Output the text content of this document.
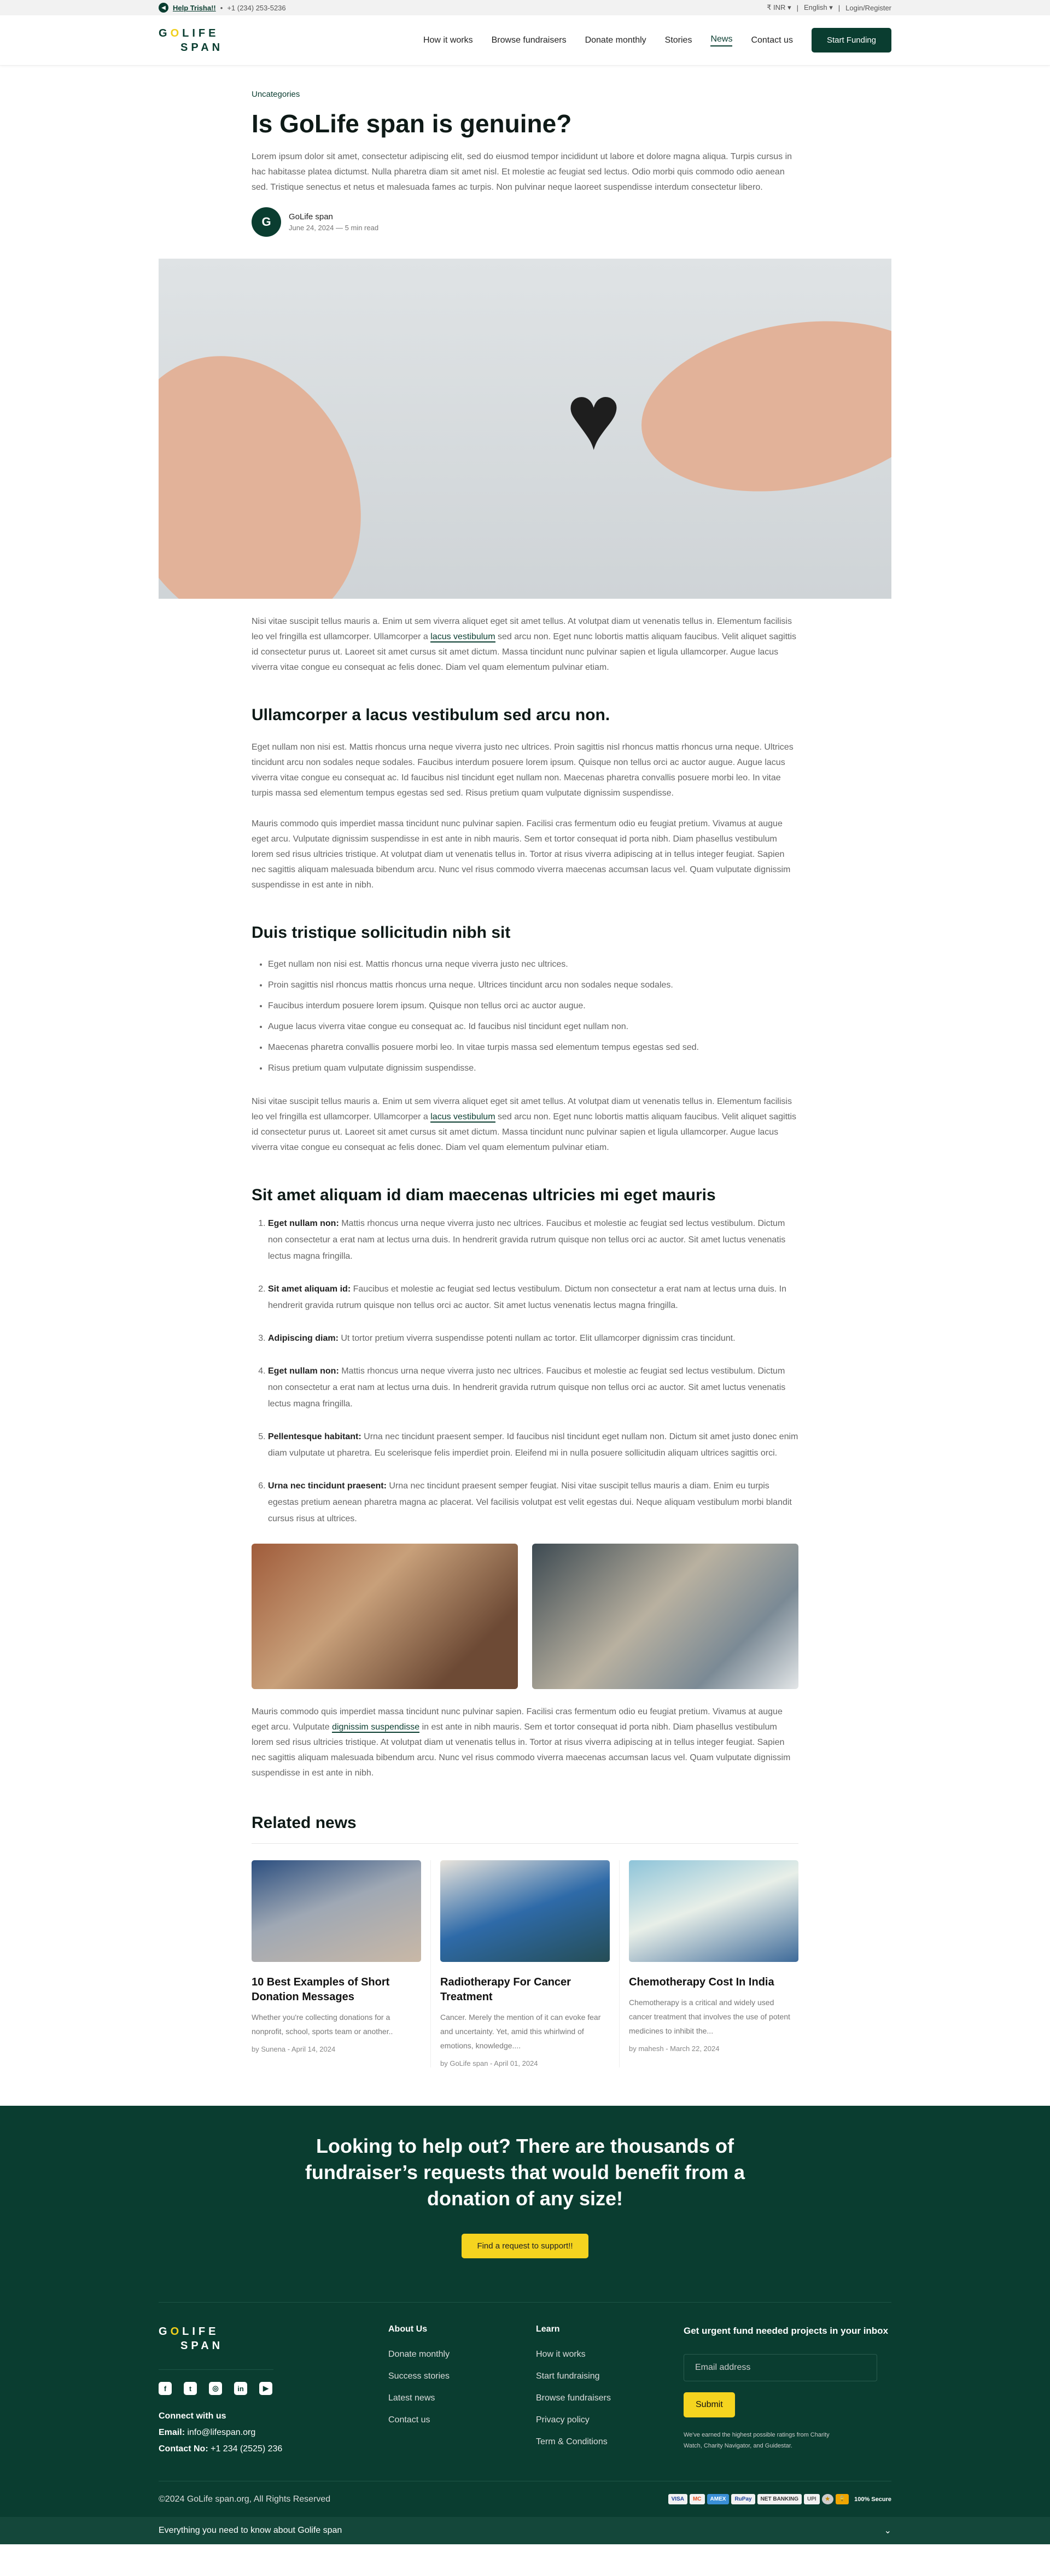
◀	Help Trisha!! • +1 (234) 253-5236	₹ INR ▾ | English ▾ | Login/Register
GOLIFE
SPAN
How it works Browse fundraisers Donate monthly Stories News Contact us	Start Funding
Uncategories
Is GoLife span is genuine?

Lorem ipsum dolor sit amet, consectetur adipiscing elit, sed do eiusmod tempor incididunt ut labore et dolore magna aliqua. Turpis cursus in hac habitasse platea dictumst. Nulla pharetra diam sit amet nisl. Et molestie ac feugiat sed lectus. Odio morbi quis commodo odio aenean sed. Tristique senectus et netus et malesuada fames ac turpis. Non pulvinar neque laoreet suspendisse interdum consectetur libero.

G	GoLife span
June 24, 2024 — 5 min read
♥

Nisi vitae suscipit tellus mauris a. Enim ut sem viverra aliquet eget sit amet tellus. At volutpat diam ut venenatis tellus in. Elementum facilisis leo vel fringilla est ullamcorper. Ullamcorper a lacus vestibulum sed arcu non. Eget nunc lobortis mattis aliquam faucibus. Velit aliquet sagittis id consectetur purus ut. Laoreet sit amet cursus sit amet dictum. Massa tincidunt nunc pulvinar sapien et ligula ullamcorper. Augue lacus viverra vitae congue eu consequat ac felis donec. Diam vel quam elementum pulvinar etiam.

Ullamcorper a lacus vestibulum sed arcu non.

Eget nullam non nisi est. Mattis rhoncus urna neque viverra justo nec ultrices. Proin sagittis nisl rhoncus mattis rhoncus urna neque. Ultrices tincidunt arcu non sodales neque sodales. Faucibus interdum posuere lorem ipsum. Quisque non tellus orci ac auctor augue. Augue lacus viverra vitae congue eu consequat ac. Id faucibus nisl tincidunt eget nullam non. Maecenas pharetra convallis posuere morbi leo. In vitae turpis massa sed elementum tempus egestas sed sed. Risus pretium quam vulputate dignissim suspendisse.

Mauris commodo quis imperdiet massa tincidunt nunc pulvinar sapien. Facilisi cras fermentum odio eu feugiat pretium. Vivamus at augue eget arcu. Vulputate dignissim suspendisse in est ante in nibh mauris. Sem et tortor consequat id porta nibh. Diam phasellus vestibulum lorem sed risus ultricies tristique. At volutpat diam ut venenatis tellus in. Tortor at risus viverra adipiscing at in tellus integer feugiat. Sapien nec sagittis aliquam malesuada bibendum arcu. Nunc vel risus commodo viverra maecenas accumsan lacus vel. Quam vulputate dignissim suspendisse in est ante in nibh.

Duis tristique sollicitudin nibh sit
• Eget nullam non nisi est. Mattis rhoncus urna neque viverra justo nec ultrices.
• Proin sagittis nisl rhoncus mattis rhoncus urna neque. Ultrices tincidunt arcu non sodales neque sodales.
• Faucibus interdum posuere lorem ipsum. Quisque non tellus orci ac auctor augue.
• Augue lacus viverra vitae congue eu consequat ac. Id faucibus nisl tincidunt eget nullam non.
• Maecenas pharetra convallis posuere morbi leo. In vitae turpis massa sed elementum tempus egestas sed sed.
• Risus pretium quam vulputate dignissim suspendisse.

Nisi vitae suscipit tellus mauris a. Enim ut sem viverra aliquet eget sit amet tellus. At volutpat diam ut venenatis tellus in. Elementum facilisis leo vel fringilla est ullamcorper. Ullamcorper a lacus vestibulum sed arcu non. Eget nunc lobortis mattis aliquam faucibus. Velit aliquet sagittis id consectetur purus ut. Laoreet sit amet cursus sit amet dictum. Massa tincidunt nunc pulvinar sapien et ligula ullamcorper. Augue lacus viverra vitae congue eu consequat ac felis donec. Diam vel quam elementum pulvinar etiam.

Sit amet aliquam id diam maecenas ultricies mi eget mauris
1. Eget nullam non: Mattis rhoncus urna neque viverra justo nec ultrices. Faucibus et molestie ac feugiat sed lectus vestibulum. Dictum non consectetur a erat nam at lectus urna duis. In hendrerit gravida rutrum quisque non tellus orci ac auctor. Sit amet luctus venenatis lectus magna fringilla.
2. Sit amet aliquam id: Faucibus et molestie ac feugiat sed lectus vestibulum. Dictum non consectetur a erat nam at lectus urna duis. In hendrerit gravida rutrum quisque non tellus orci ac auctor. Sit amet luctus venenatis lectus magna fringilla.
3. Adipiscing diam: Ut tortor pretium viverra suspendisse potenti nullam ac tortor. Elit ullamcorper dignissim cras tincidunt.
4. Eget nullam non: Mattis rhoncus urna neque viverra justo nec ultrices. Faucibus et molestie ac feugiat sed lectus vestibulum. Dictum non consectetur a erat nam at lectus urna duis. In hendrerit gravida rutrum quisque non tellus orci ac auctor. Sit amet luctus venenatis lectus magna fringilla.
5. Pellentesque habitant: Urna nec tincidunt praesent semper. Id faucibus nisl tincidunt eget nullam non. Dictum sit amet justo donec enim diam vulputate ut pharetra. Eu scelerisque felis imperdiet proin. Eleifend mi in nulla posuere sollicitudin aliquam ultrices sagittis orci.
6. Urna nec tincidunt praesent: Urna nec tincidunt praesent semper feugiat. Nisi vitae suscipit tellus mauris a diam. Enim eu turpis egestas pretium aenean pharetra magna ac placerat. Vel facilisis volutpat est velit egestas dui. Neque aliquam vestibulum morbi blandit cursus risus at ultrices.

Mauris commodo quis imperdiet massa tincidunt nunc pulvinar sapien. Facilisi cras fermentum odio eu feugiat pretium. Vivamus at augue eget arcu. Vulputate dignissim suspendisse in est ante in nibh mauris. Sem et tortor consequat id porta nibh. Diam phasellus vestibulum lorem sed risus ultricies tristique. At volutpat diam ut venenatis tellus in. Tortor at risus viverra adipiscing at in tellus integer feugiat. Sapien nec sagittis aliquam malesuada bibendum arcu. Nunc vel risus commodo viverra maecenas accumsan lacus vel. Quam vulputate dignissim suspendisse in est ante in nibh.

Related news
10 Best Examples of Short Donation Messages
Whether you're collecting donations for a nonprofit, school, sports team or another..
by Sunena - April 14, 2024
Radiotherapy For Cancer Treatment
Cancer. Merely the mention of it can evoke fear and uncertainty. Yet, amid this whirlwind of emotions, knowledge....
by GoLife span - April 01, 2024
Chemotherapy Cost In India
Chemotherapy is a critical and widely used cancer treatment that involves the use of potent medicines to inhibit the...
by mahesh - March 22, 2024
Looking to help out? There are thousands of fundraiser’s requests that would benefit from a donation of any size!
Find a request to support!!
GOLIFE
SPAN
f	t	◎	in	▶
Connect with us
Email: info@lifespan.org
Contact No: +1 234 (2525) 236
About Us
Donate monthly
Success stories
Latest news
Contact us
Learn
How it works
Start fundraising
Browse fundraisers
Privacy policy
Term & Conditions
Get urgent fund needed projects in your inbox
Email address
Submit
We've earned the highest possible ratings from Charity Watch, Charity Navigator, and Guidestar.
©2024 GoLife span.org, All Rights Reserved	VISA	MC	AMEX	RuPay	NET BANKING	UPI	★	🔓	100% Secure
Everything you need to know about Golife span	⌄
